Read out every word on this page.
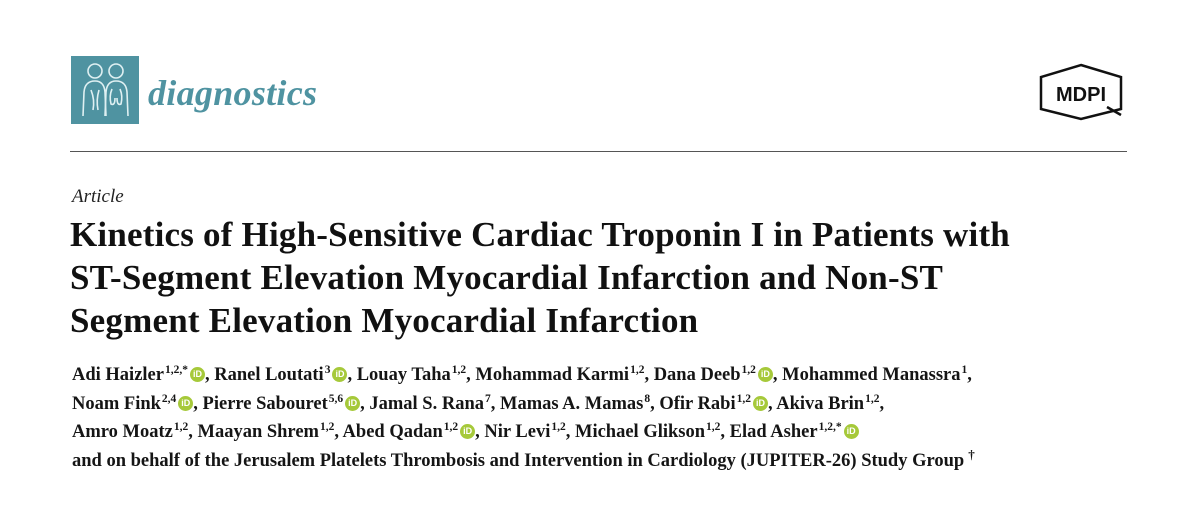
diagnostics	MDPI
Article
Kinetics of High-Sensitive Cardiac Troponin I in Patients with
ST-Segment Elevation Myocardial Infarction and Non-ST
Segment Elevation Myocardial Infarction
Adi Haizler$^{1,2,*}$ iD , Ranel Loutati$^3$ iD , Louay Taha$^{1,2}$, Mohammad Karmi$^{1,2}$, Dana Deeb$^{1,2}$ iD , Mohammed Manassra$^1$,
Noam Fink$^{2,4}$ iD , Pierre Sabouret$^{5,6}$ iD , Jamal S. Rana$^7$, Mamas A. Mamas$^8$, Ofir Rabi$^{1,2}$ iD , Akiva Brin$^{1,2}$,
Amro Moatz$^{1,2}$, Maayan Shrem$^{1,2}$, Abed Qadan$^{1,2}$ iD , Nir Levi$^{1,2}$, Michael Glikson$^{1,2}$, Elad Asher$^{1,2,*}$ iD
and on behalf of the Jerusalem Platelets Thrombosis and Intervention in Cardiology (JUPITER-26) Study Group †
